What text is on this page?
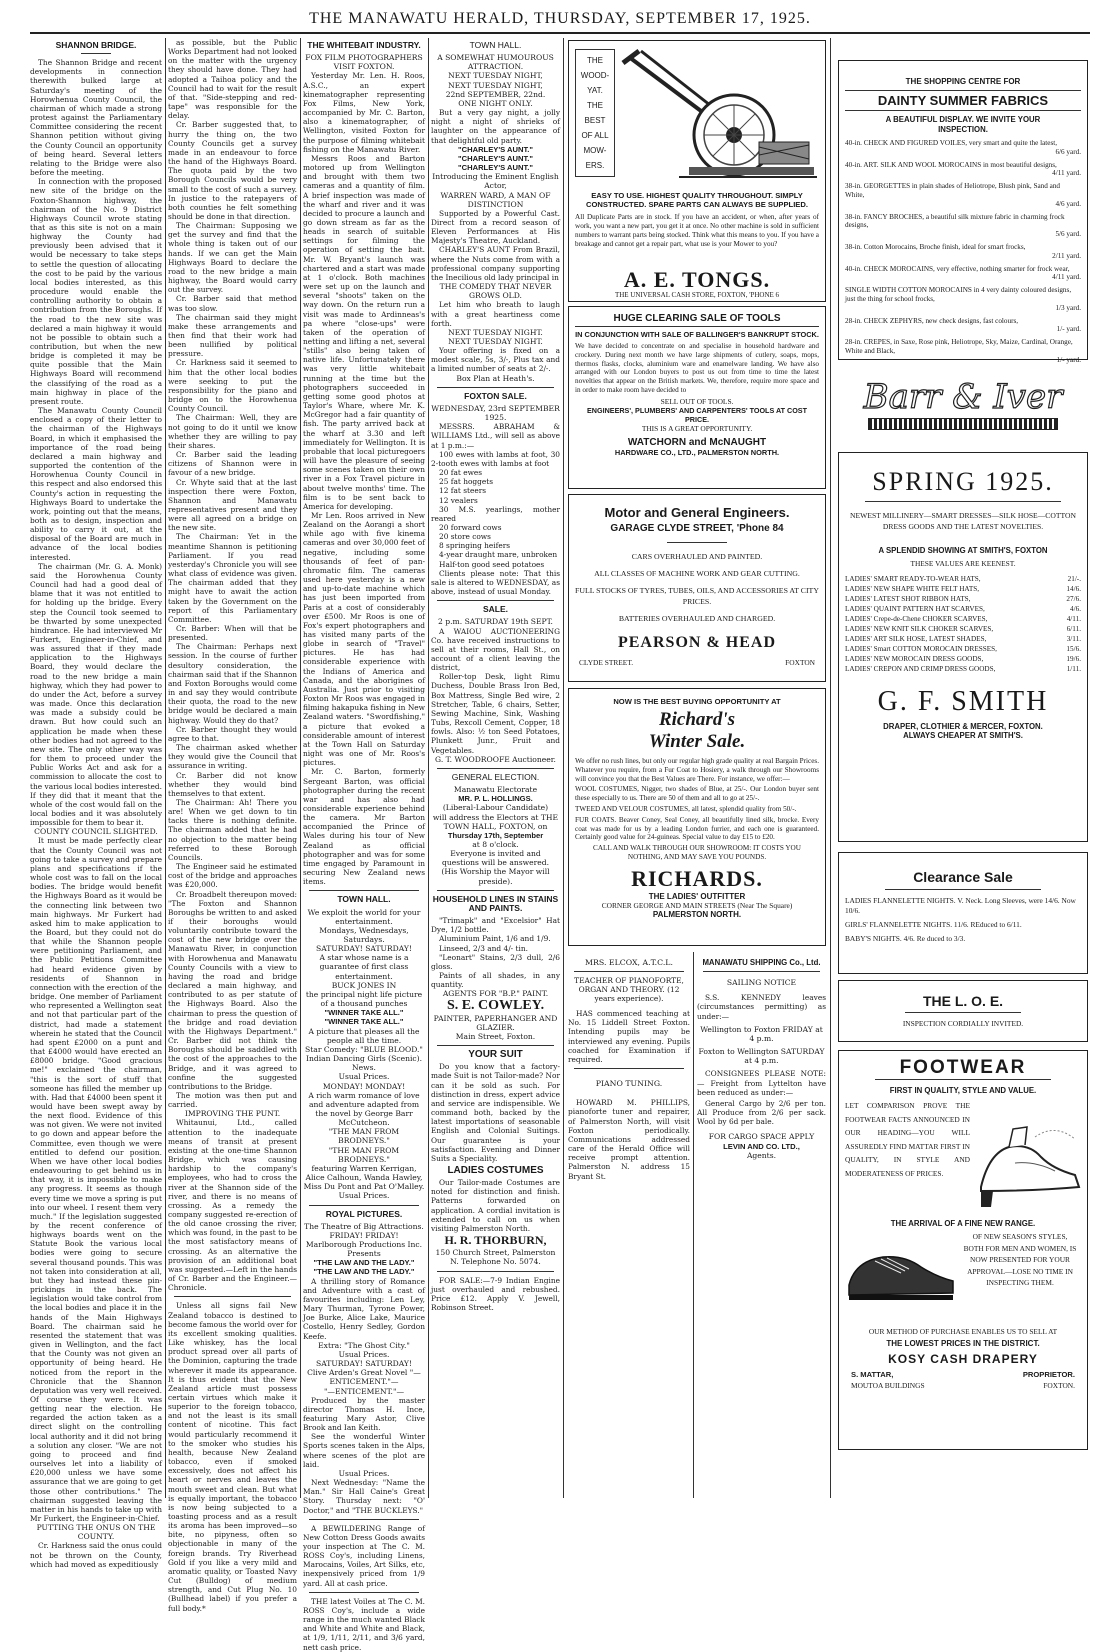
THE MANAWATU HERALD, THURSDAY, SEPTEMBER 17, 1925.
SHANNON BRIDGE.

The Shannon Bridge and recent developments in connection therewith bulked large at Saturday's meeting of the Horowhenua County Council, the chairman of which made a strong protest against the Parliamentary Committee considering the recent Shannon petition without giving the County Council an opportunity of being heard. Several letters relating to the Bridge were also before the meeting.

In connection with the proposed new site of the bridge on the Foxton-Shannon highway, the chairman of the No. 9 District Highways Council wrote stating that as this site is not on a main highway the County had previously been advised that it would be necessary to take steps to settle the question of allocating the cost to be paid by the various local bodies interested, as this procedure would enable the controlling authority to obtain a contribution from the Boroughs. If the road to the new site was declared a main highway it would not be possible to obtain such a contribution, but when the new bridge is completed it may be quite possible that the Main Highways Board will recommend the classifying of the road as a main highway in place of the present route.

The Manawatu County Council enclosed a copy of their letter to the chairman of the Highways Board, in which it emphasised the importance of the road being declared a main highway and supported the contention of the Horowhenua County Council in this respect and also endorsed this County's action in requesting the Highways Board to undertake the work, pointing out that the means, both as to design, inspection and ability to carry it out, at the disposal of the Board are much in advance of the local bodies interested.

The chairman (Mr. G. A. Monk) said the Horowhenua County Council had had a good deal of blame that it was not entitled to for holding up the bridge. Every step the Council took seemed to be thwarted by some unexpected hindrance. He had interviewed Mr Furkert, Engineer-in-Chief, and was assured that if they made application to the Highways Board, they would declare the road to the new bridge a main highway, which they had power to do under the Act, before a survey was made. Once this declaration was made a subsidy could be drawn. But how could such an application be made when these other bodies had not agreed to the new site. The only other way was for them to proceed under the Public Works Act and ask for a commission to allocate the cost to the various local bodies interested. If they did that it meant that the whole of the cost would fall on the local bodies and it was absolutely impossible for them to bear it.

COUNTY COUNCIL SLIGHTED.

It must be made perfectly clear that the County Council was not going to take a survey and prepare plans and specifications if the whole cost was to fall on the local bodies. The bridge would benefit the Highways Board as it would be the connecting link between two main highways. Mr Furkert had asked him to make application to the Board, but they could not do that while the Shannon people were petitioning Parliament, and the Public Petitions Committee had heard evidence given by residents of Shannon in connection with the erection of the bridge. One member of Parliament who represented a Wellington seat and not that particular part of the district, had made a statement wherein he stated that the Council had spent £2000 on a punt and that £4000 would have erected an £8000 bridge. "Good gracious me!" exclaimed the chairman, "this is the sort of stuff that someone has filled the member up with. Had that £4000 been spent it would have been swept away by the next flood. Evidence of this was not given. We were not invited to go down and appear before the Committee, even though we were entitled to defend our position. When we have other local bodies endeavouring to get behind us in that way, it is impossible to make any progress. It seems as though every time we move a spring is put into our wheel. I resent them very much." If the legislation suggested by the recent conference of highways boards went on the Statute Book the various local bodies were going to secure several thousand pounds. This was not taken into consideration at all, but they had instead these pin-prickings in the back. The legislation would take control from the local bodies and place it in the hands of the Main Highways Board. The chairman said he resented the statement that was given in Wellington, and the fact that the County was not given an opportunity of being heard. He noticed from the report in the Chronicle that the Shannon deputation was very well received. Of course they were. It was getting near the election. He regarded the action taken as a direct slight on the controlling local authority and it did not bring a solution any closer. "We are not going to proceed and find ourselves let into a liability of £20,000 unless we have some assurance that we are going to get those other contributions." The chairman suggested leaving the matter in his hands to take up with Mr Furkert, the Engineer-in-Chief.

PUTTING THE ONUS ON THE COUNTY.

Cr. Harkness said the onus could not be thrown on the County, which had moved as expeditiously

as possible, but the Public Works Department had not looked on the matter with the urgency they should have done. They had adopted a Taihoa policy and the Council had to wait for the result of that. "Side-stepping and red-tape" was responsible for the delay.

Cr. Barber suggested that, to hurry the thing on, the two County Councils get a survey made in an endeavour to force the hand of the Highways Board. The quota paid by the two Borough Councils would be very small to the cost of such a survey. In justice to the ratepayers of both counties he felt something should be done in that direction.

The Chairman: Supposing we get the survey and find that the whole thing is taken out of our hands. If we can get the Main Highways Board to declare the road to the new bridge a main highway, the Board would carry out the survey.

Cr. Barber said that method was too slow.

The chairman said they might make these arrangements and then find that their work had been nullified by political pressure.

Cr. Harkness said it seemed to him that the other local bodies were seeking to put the responsibility for the piano and bridge on to the Horowhenua County Council.

The Chairman: Well, they are not going to do it until we know whether they are willing to pay their shares.

Cr. Barber said the leading citizens of Shannon were in favour of a new bridge.

Cr. Whyte said that at the last inspection there were Foxton, Shannon and Manawatu representatives present and they were all agreed on a bridge on the new site.

The Chairman: Yet in the meantime Shannon is petitioning Parliament. If you read yesterday's Chronicle you will see what class of evidence was given. The chairman added that they might have to await the action taken by the Government on the report of this Parliamentary Committee.

Cr. Barber: When will that be presented.

The Chairman: Perhaps next session. In the course of further desultory consideration, the chairman said that if the Shannon and Foxton Boroughs would come in and say they would contribute their quota, the road to the new bridge would be declared a main highway. Would they do that?

Cr. Barber thought they would agree to that.

The chairman asked whether they would give the Council that assurance in writing.

Cr. Barber did not know whether they would bind themselves to that extent.

The Chairman: Ah! There you are! When we get down to tin tacks there is nothing definite. The chairman added that he had no objection to the matter being referred to these Borough Councils.

The Engineer said he estimated cost of the bridge and approaches was £20,000.

Cr. Broadbelt thereupon moved: "The Foxton and Shannon Boroughs be written to and asked if their boroughs would voluntarily contribute toward the cost of the new bridge over the Manawatu River, in conjunction with Horowhenua and Manawatu County Councils with a view to having the road and bridge declared a main highway, and contributed to as per statute of the Highways Board. Also the chairman to press the question of the bridge and road deviation with the Highways Department." Cr. Barber did not think the Boroughs should be saddled with the cost of the approaches to the Bridge, and it was agreed to confine the suggested contributions to the Bridge.

The motion was then put and carried.

IMPROVING THE PUNT.

Whitaunui, Ltd., called attention to the inadequate means of transit at present existing at the one-time Shannon Bridge, which was causing hardship to the company's employees, who had to cross the river at the Shannon side of the river, and there is no means of crossing. As a remedy the company suggested re-erection of the old canoe crossing the river, which was found, in the past to be the most satisfactory means of crossing. As an alternative the provision of an additional boat was suggested.—Left in the hands of Cr. Barber and the Engineer.—Chronicle.

Unless all signs fail New Zealand tobacco is destined to become famous the world over for its excellent smoking qualities. Like whiskey, has the local product spread over all parts of the Dominion, capturing the trade wherever it made its appearance. It is thus evident that the New Zealand article must possess certain virtues which make it superior to the foreign tobacco, and not the least is its small content of nicotine. This fact would particularly recommend it to the smoker who studies his health, because New Zealand tobacco, even if smoked excessively, does not affect his heart or nerves and leaves the mouth sweet and clean. But what is equally important, the tobacco is now being subjected to a toasting process and as a result its aroma has been improved—so bite, no pipyness, often so objectionable in many of the foreign brands. Try Riverhead Gold if you like a very mild and aromatic quality, or Toasted Navy Cut (Bulldog) of medium strength, and Cut Plug No. 10 (Bullhead label) if you prefer a full body.*

THE WHITEBAIT INDUSTRY.

FOX FILM PHOTOGRAPHERS VISIT FOXTON.

Yesterday Mr. Len. H. Roos, A.S.C., an expert kinematographer representing Fox Films, New York, accompanied by Mr. C. Barton, also a kinematographer, of Wellington, visited Foxton for the purpose of filming whitebait fishing on the Manawatu River.

Messrs Roos and Barton motored up from Wellington and brought with them two cameras and a quantity of film. A brief inspection was made of the wharf and river and it was decided to procure a launch and go down stream as far as the heads in search of suitable settings for filming the operation of setting the bait. Mr. W. Bryant's launch was chartered and a start was made at 1 o'clock. Both machines were set up on the launch and several "shoots" taken on the way down. On the return run a visit was made to Ardinneas's pa where "close-ups" were taken of the operation of netting and lifting a net, several "stills" also being taken of native life. Unfortunately there was very little whitebait running at the time but the photographers succeeded in getting some good photos at Taylor's Whare, where Mr. K. McGregor had a fair quantity of fish. The party arrived back at the wharf at 3.30 and left immediately for Wellington. It is probable that local picturegoers will have the pleasure of seeing some scenes taken on their own river in a Fox Travel picture in about twelve months' time. The film is to be sent back to America for developing.

Mr Len. Roos arrived in New Zealand on the Aorangi a short while ago with five kinema cameras and over 30,000 feet of negative, including some thousands of feet of pan-chromatic film. The cameras used here yesterday is a new and up-to-date machine which has just been imported from Paris at a cost of considerably over £500. Mr Roos is one of Fox's expert photographers and has visited many parts of the globe in search of "Travel" pictures. He has had considerable experience with the Indians of America and Canada, and the aborigines of Australia. Just prior to visiting Foxton Mr Roos was engaged in filming hakapuka fishing in New Zealand waters. "Swordfishing," a picture that evoked a considerable amount of interest at the Town Hall on Saturday night was one of Mr. Roos's pictures.

Mr. C. Barton, formerly Sergeant Barton, was official photographer during the recent war and has also had considerable experience behind the camera. Mr Barton accompanied the Prince of Wales during his tour of New Zealand as official photographer and was for some time engaged by Paramount in securing New Zealand news items.

TOWN HALL.

We exploit the world for your entertainment.

Mondays, Wednesdays, Saturdays.

SATURDAY! SATURDAY!

A star whose name is a guarantee of first class entertainment.

BUCK JONES IN

the principal night life picture of a thousand punches

"WINNER TAKE ALL."

"WINNER TAKE ALL."

A picture that pleases all the people all the time.

Star Comedy: "BLUE BLOOD." Indian Dancing Girls (Scenic). News.

Usual Prices.

MONDAY! MONDAY!

A rich warm romance of love and adventure adapted from the novel by George Barr McCutcheon.

"THE MAN FROM BRODNEYS."

"THE MAN FROM BRODNEYS."

featuring Warren Kerrigan, Alice Calhoun, Wanda Hawley, Miss Du Pont and Pat O'Malley.

Usual Prices.

ROYAL PICTURES.

The Theatre of Big Attractions.

FRIDAY! FRIDAY!

Marlborough Productions Inc. Presents

"THE LAW AND THE LADY."

"THE LAW AND THE LADY."

A thrilling story of Romance and Adventure with a cast of favourites including: Len Ley, Mary Thurman, Tyrone Power, Joe Burke, Alice Lake, Maurice Costello, Henry Sedley, Gordon Keefe.

Extra: "The Ghost City."

Usual Prices.

SATURDAY! SATURDAY!

Clive Arden's Great Novel "—ENTICEMENT."—

"—ENTICEMENT."—

Produced by the master director Thomas H. Ince, featuring Mary Astor, Clive Brook and Ian Keith.

See the wonderful Winter Sports scenes taken in the Alps, where scenes of the plot are laid.

Usual Prices.

Next Wednesday: "Name the Man." Sir Hall Caine's Great Story. Thursday next: "O' Doctor," and "THE BUCKLEYS."

A BEWILDERING Range of New Cotton Dress Goods awaits your inspection at The C. M. ROSS Coy's, including Linens, Marocains, Voiles, Art Silks, etc, inexpensively priced from 1/9 yard. All at cash price.

THE latest Voiles at The C. M. ROSS Coy's, include a wide range in the much wanted Black and White and White and Black, at 1/9, 1/11, 2/11, and 3/6 yard, nett cash price.

TOWN HALL.

A SOMEWHAT HUMOUROUS ATTRACTION.

NEXT TUESDAY NIGHT,

NEXT TUESDAY NIGHT,

22nd SEPTEMBER, 22nd.

ONE NIGHT ONLY.

But a very gay night, a jolly night a night of shrieks of laughter on the appearance of that delightful old party.

"CHARLEY'S AUNT."

"CHARLEY'S AUNT."

"CHARLEY'S AUNT."

Introducing the Eminent English Actor,

WARREN WARD, A MAN OF DISTINCTION

Supported by a Powerful Cast. Direct from a record season of Eleven Performances at His Majesty's Theatre, Auckland.

CHARLEY'S AUNT From Brazil, where the Nuts come from with a professional company supporting the Inecilious old lady principal in

THE COMEDY THAT NEVER GROWS OLD.

Let him who breath to laugh with a great heartiness come forth.

NEXT TUESDAY NIGHT.

NEXT TUESDAY NIGHT.

Your offering is fixed on a modest scale, 5s, 3/-, Plus tax and a limited number of seats at 2/-.

Box Plan at Heath's.

FOXTON SALE.

WEDNESDAY, 23rd SEPTEMBER 1925.

MESSRS. ABRAHAM & WILLIAMS Ltd., will sell as above at 1 p.m.:—

100 ewes with lambs at foot, 30 2-tooth ewes with lambs at foot

20 fat ewes

25 fat hoggets

12 fat steers

12 vealers

30 M.S. yearlings, mother reared

20 forward cows

20 store cows

8 springing heifers

4-year draught mare, unbroken

Half-ton good seed potatoes

Clients please note: That this sale is altered to WEDNESDAY, as above, instead of usual Monday.

SALE.

2 p.m. SATURDAY 19th SEPT.

A WAIOU AUCTIONEERING Co. have received instructions to sell at their rooms, Hall St., on account of a client leaving the district,

Roller-top Desk, light Rimu Duchess, Double Brass Iron Bed, Box Mattress, Single Bed wire, 2 Stretcher, Table, 6 chairs, Setter, Sewing Machine, Sink, Washing Tubs, Rexcoll Cement, Copper, 18 fowls. Also: ½ ton Seed Potatoes, Plunkett Junr., Fruit and Vegetables.

G. T. WOODROOFE Auctioneer.

GENERAL ELECTION.

Manawatu Electorate

MR. P. L. HOLLINGS.

(Liberal-Labour Candidate)

will address the Electors at THE TOWN HALL, FOXTON, on

Thursday 17th, September

at 8 o'clock.

Everyone is invited and questions will be answered.

(His Worship the Mayor will preside).

HOUSEHOLD LINES IN STAINS AND PAINTS.

"Trimapk" and "Excelsior" Hat Dye, 1/2 bottle.

Aluminium Paint, 1/6 and 1/9.

Linseed, 2/3 and 4/- tin.

"Leonart" Stains, 2/3 dull, 2/6 gloss.

Paints of all shades, in any quantity.

AGENTS FOR "B.P." PAINT.

S. E. COWLEY.

PAINTER, PAPERHANGER AND GLAZIER.

Main Street, Foxton.

YOUR SUIT

Do you know that a factory-made Suit is not Tailor-made? Nor can it be sold as such. For distinction in dress, expert advice and service are indispensible. We command both, backed by the latest importations of seasonable English and Colonial Suitings. Our guarantee is your satisfaction. Evening and Dinner Suits a Speciality.

LADIES COSTUMES

Our Tailor-made Costumes are noted for distinction and finish. Patterns forwarded on application. A cordial invitation is extended to call on us when visiting Palmerston North.

H. R. THORBURN,

150 Church Street, Palmerston N. Telephone No. 5074.

FOR SALE:—7-9 Indian Engine just overhauled and rebushed. Price £12. Apply V. Jewell, Robinson Street.

THE
WOOD-
YAT.
THE
BEST
OF ALL
MOW-
ERS.
EASY TO USE. HIGHEST QUALITY THROUGHOUT. SIMPLY CONSTRUCTED. SPARE PARTS CAN ALWAYS BE SUPPLIED.
All Duplicate Parts are in stock. If you have an accident, or when, after years of work, you want a new part, you get it at once. No other machine is sold in sufficient numbers to warrant parts being stocked. Think what this means to you. If you have a breakage and cannot get a repair part, what use is your Mower to you?
A. E. TONGS.
THE UNIVERSAL CASH STORE, FOXTON, 'PHONE 6
HUGE CLEARING SALE OF TOOLS
IN CONJUNCTION WITH SALE OF BALLINGER'S BANKRUPT STOCK.
We have decided to concentrate on and specialise in household hardware and crockery. During next month we have large shipments of cutlery, soaps, mops, thermos flasks, clocks, aluminium ware and enamelware landing. We have also arranged with our London buyers to post us out from time to time the latest novelties that appear on the British markets. We, therefore, require more space and in order to make room have decided to
SELL OUT OF TOOLS.
ENGINEERS', PLUMBERS' AND CARPENTERS' TOOLS AT COST PRICE.
THIS IS A GREAT OPPORTUNITY.
WATCHORN and McNAUGHT
HARDWARE CO., LTD., PALMERSTON NORTH.
Motor and General Engineers.
GARAGE CLYDE STREET, 'Phone 84
CARS OVERHAULED AND PAINTED.
ALL CLASSES OF MACHINE WORK AND GEAR CUTTING.
FULL STOCKS OF TYRES, TUBES, OILS, AND ACCESSORIES AT CITY PRICES.
BATTERIES OVERHAULED AND CHARGED.
PEARSON & HEAD
CLYDE STREET.	FOXTON
NOW IS THE BEST BUYING OPPORTUNITY AT
Richard's
Winter Sale.
We offer no rush lines, but only our regular high grade quality at real Bargain Prices. Whatever you require, from a Fur Coat to Hosiery, a walk through our Showrooms will convince you that the Best Values are There. For instance, we offer:—
WOOL COSTUMES, Nigger, two shades of Blue, at 25/-. Our London buyer sent these especially to us. There are 50 of them and all to go at 25/-.
TWEED AND VELOUR COSTUMES, all latest, splendid quality from 50/-.
FUR COATS. Beaver Coney, Seal Coney, all beautifully lined silk, brocke. Every coat was made for us by a leading London furrier, and each one is guaranteed. Certainly good value for 24-guineas. Special value to day £15 to £20.
CALL AND WALK THROUGH OUR SHOWROOM: IT COSTS YOU NOTHING, AND MAY SAVE YOU POUNDS.
RICHARDS.
THE LADIES' OUTFITTER
CORNER GEORGE AND MAIN STREETS (Near The Square)
PALMERSTON NORTH.
MRS. ELCOX, A.T.C.L.
TEACHER OF PIANOFORTE, ORGAN AND THEORY. (12 years experience).

HAS commenced teaching at No. 15 Liddell Street Foxton. Intending pupils may be interviewed any evening. Pupils coached for Examination if required.

PIANO TUNING.

HOWARD M. PHILLIPS, pianoforte tuner and repairer, of Palmerston North, will visit Foxton periodically. Communications addressed care of the Herald Office will receive prompt attention. Palmerston N. address 15 Bryant St.

MANAWATU SHIPPING Co., Ltd.
SAILING NOTICE

S.S. KENNEDY leaves (circumstances permitting) as under:—

Wellington to Foxton FRIDAY at 4 p.m.

Foxton to Wellington SATURDAY at 4 p.m.

CONSIGNEES PLEASE NOTE:— Freight from Lyttelton have been reduced as under:—

General Cargo by 2/6 per ton. All Produce from 2/6 per sack. Wool by 6d per bale.

FOR CARGO SPACE APPLY

LEVIN AND CO. LTD.,

Agents.

THE SHOPPING CENTRE FOR
DAINTY SUMMER FABRICS
A BEAUTIFUL DISPLAY. WE INVITE YOUR INSPECTION.
40-in. CHECK AND FIGURED VOILES, very smart and quite the latest,
6/6 yard.
40-in. ART. SILK AND WOOL MOROCAINS in most beautiful designs,
4/11 yard.
38-in. GEORGETTES in plain shades of Heliotrope, Blush pink, Sand and White,
4/6 yard.
38-in. FANCY BROCHES, a beautiful silk mixture fabric in charming frock designs,
5/6 yard.
38-in. Cotton Morocains, Broche finish, ideal for smart frocks,
2/11 yard.
40-in. CHECK MOROCAINS, very effective, nothing smarter for frock wear,
4/11 yard.
SINGLE WIDTH COTTON MOROCAINS in 4 very dainty coloured designs, just the thing for school frocks,
1/3 yard.
28-in. CHECK ZEPHYRS, new check designs, fast colours,
1/- yard.
28-in. CREPES, in Saxe, Rose pink, Heliotrope, Sky, Maize, Cardinal, Orange, White and Black,
1/- yard.
Barr & Iver
SPRING 1925.
NEWEST MILLINERY—SMART DRESSES—SILK HOSE—COTTON DRESS GOODS AND THE LATEST NOVELTIES.
A SPLENDID SHOWING AT SMITH'S, FOXTON
THESE VALUES ARE KEENEST.
LADIES' SMART READY-TO-WEAR HATS,	21/-.
LADIES' NEW SHAPE WHITE FELT HATS,	14/6.
LADIES' LATEST SHOT RIBBON HATS,	27/6.
LADIES' QUAINT PATTERN HAT SCARVES,	4/6.
LADIES' Crepe-de-Chene CHOKER SCARVES,	4/11.
LADIES' NEW KNIT SILK CHOKER SCARVES,	6/11.
LADIES' ART SILK HOSE, LATEST SHADES,	3/11.
LADIES' Smart COTTON MOROCAIN DRESSES,	15/6.
LADIES' NEW MOROCAIN DRESS GOODS,	19/6.
LADIES' CREPON AND CRIMP DRESS GOODS,	1/11.
G. F. SMITH
DRAPER, CLOTHIER & MERCER, FOXTON.
ALWAYS CHEAPER AT SMITH'S.
Clearance Sale
LADIES FLANNELETTE NIGHTS. V. Neck. Long Sleeves, were 14/6. Now 10/6.
GIRLS' FLANNELETTE NIGHTS. 11/6. REduced to 6/11.
BABY'S NIGHTS. 4/6. Re duced to 3/3.
THE L. O. E.
INSPECTION CORDIALLY INVITED.
FOOTWEAR
FIRST IN QUALITY, STYLE AND VALUE.
LET COMPARISON PROVE THE FOOTWEAR FACTS ANNOUNCED IN OUR HEADING—YOU WILL ASSUREDLY FIND MATTAR FIRST IN QUALITY, IN STYLE AND MODERATENESS OF PRICES.
THE ARRIVAL OF A FINE NEW RANGE.
OF NEW SEASON'S STYLES, BOTH FOR MEN AND WOMEN, IS NOW PRESENTED FOR YOUR APPROVAL—LOSE NO TIME IN INSPECTING THEM.
OUR METHOD OF PURCHASE ENABLES US TO SELL AT
THE LOWEST PRICES IN THE DISTRICT.
KOSY CASH DRAPERY
S. MATTAR,	PROPRIETOR.
MOUTOA BUILDINGS	FOXTON.
